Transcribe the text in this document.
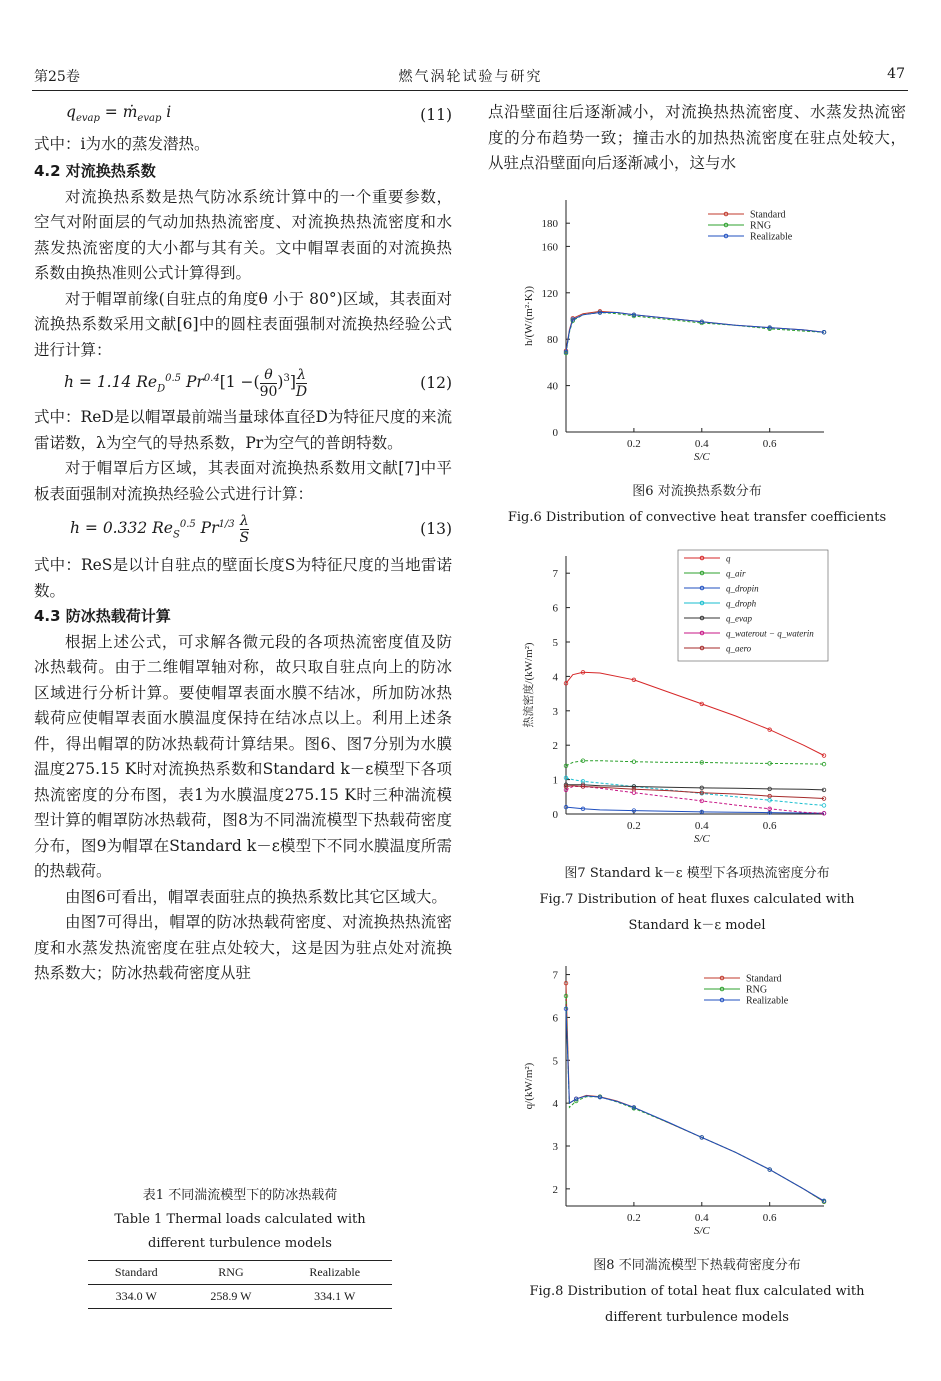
第25卷	燃气涡轮试验与研究	47
$q_{evap}$ = ṁ$_{evap}$ i	(11)

式中：i为水的蒸发潜热。

4.2 对流换热系数

对流换热系数是热气防冰系统计算中的一个重要参数，空气对附面层的气动加热热流密度、对流换热热流密度和水蒸发热流密度的大小都与其有关。文中帽罩表面的对流换热系数由换热准则公式计算得到。

对于帽罩前缘(自驻点的角度θ 小于 80°)区域，其表面对流换热系数采用文献[6]中的圆柱表面强制对流换热经验公式进行计算：

h = 1.14 $Re_D^{0.5}$ $Pr^{0.4}[1$ −( $\frac{\theta}{90} )^3] \frac{\lambda}{D}$	(12)

式中：ReD是以帽罩最前端当量球体直径D为特征尺度的来流雷诺数，λ为空气的导热系数，Pr为空气的普朗特数。

对于帽罩后方区域，其表面对流换热系数用文献[7]中平板表面强制对流换热经验公式进行计算：

h = 0.332 $Re_S^{0.5}$ $Pr^{1/3} \frac{\lambda}{S}$	(13)

式中：ReS是以计自驻点的壁面长度S为特征尺度的当地雷诺数。

4.3 防冰热载荷计算

根据上述公式，可求解各微元段的各项热流密度值及防冰热载荷。由于二维帽罩轴对称，故只取自驻点向上的防冰区域进行分析计算。要使帽罩表面水膜不结冰，所加防冰热载荷应使帽罩表面水膜温度保持在结冰点以上。利用上述条件，得出帽罩的防冰热载荷计算结果。图6、图7分别为水膜温度275.15 K时对流换热系数和Standard k－ε模型下各项热流密度的分布图，表1为水膜温度275.15 K时三种湍流模型计算的帽罩防冰热载荷，图8为不同湍流模型下热载荷密度分布，图9为帽罩在Standard k－ε模型下不同水膜温度所需的热载荷。

由图6可看出，帽罩表面驻点的换热系数比其它区域大。

由图7可得出，帽罩的防冰热载荷密度、对流换热热流密度和水蒸发热流密度在驻点处较大，这是因为驻点处对流换热系数大；防冰热载荷密度从驻

表1 不同湍流模型下的防冰热载荷
Table 1 Thermal loads calculated with
different turbulence models
Standard	RNG	Realizable
334.0 W	258.9 W	334.1 W

点沿壁面往后逐渐减小，对流换热热流密度、水蒸发热流密度的分布趋势一致；撞击水的加热热流密度在驻点处较大，从驻点沿壁面向后逐渐减小，这与水

0
40
80
120
160
180
0.2	0.4	0.6
S/C
h/(W/(m²·K))
Standard
RNG
Realizable
图6 对流换热系数分布
Fig.6 Distribution of convective heat transfer coefficients
0
1
2
3
4
5
6
7
0.2	0.4	0.6
S/C
热流密度/(kW/m²)
q
q_air
q_dropin
q_droph
q_evap
q_waterout − q_waterin
q_aero
图7 Standard k－ε 模型下各项热流密度分布
Fig.7 Distribution of heat fluxes calculated with
Standard k－ε model
2
3
4
5
6
7
0.2	0.4	0.6
S/C
q/(kW/m²)
Standard
RNG
Realizable
图8 不同湍流模型下热载荷密度分布
Fig.8 Distribution of total heat flux calculated with
different turbulence models
